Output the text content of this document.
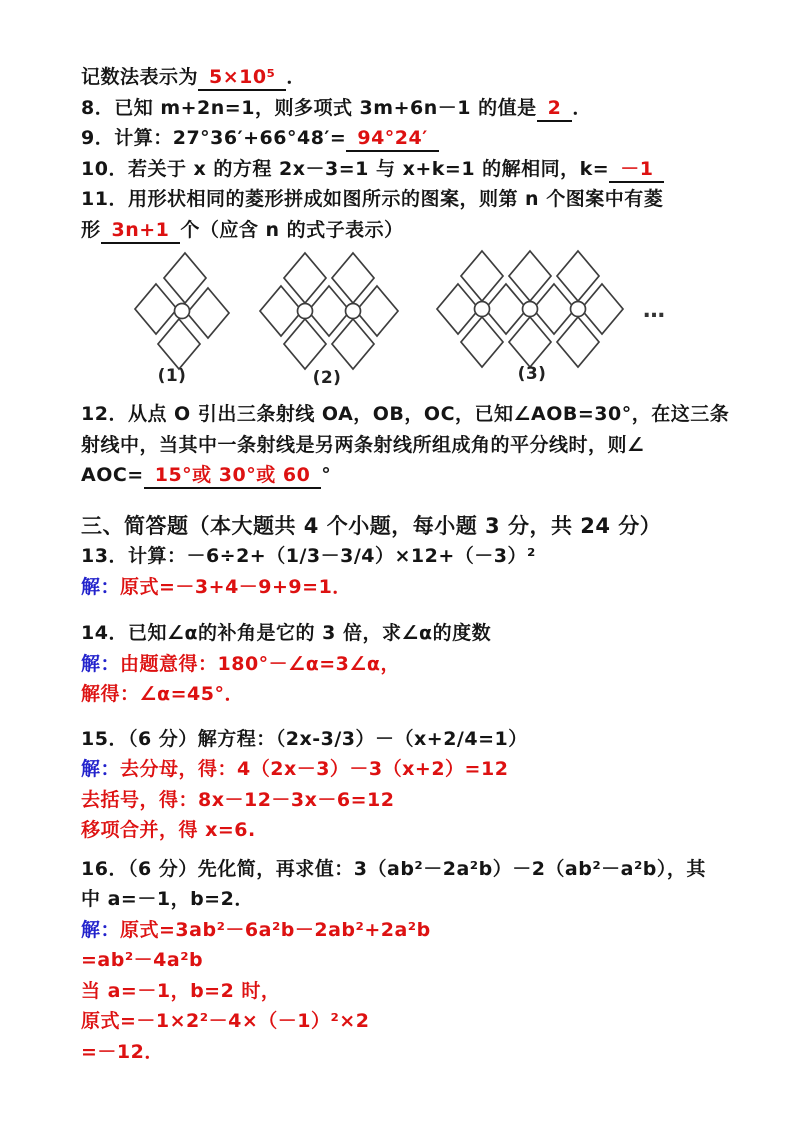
记数法表示为 5×10⁵ ．

8．已知 m+2n=1，则多项式 3m+6n－1 的值是 2 ．

9．计算：27°36′+66°48′= 94°24′

10．若关于 x 的方程 2x－3=1 与 x+k=1 的解相同，k= －1

11．用形状相同的菱形拼成如图所示的图案，则第 n 个图案中有菱

形 3n+1 个（应含 n 的式子表示）

…
(1)	(2)	(3)

12．从点 O 引出三条射线 OA，OB，OC，已知∠AOB=30°，在这三条

射线中，当其中一条射线是另两条射线所组成角的平分线时，则∠

AOC= 15°或 30°或 60 °

三、简答题（本大题共 4 个小题，每小题 3 分，共 24 分）

13．计算：－6÷2+（1/3－3/4）×12+（－3）²

解：原式=－3+4－9+9=1．

14．已知∠α的补角是它的 3 倍，求∠α的度数

解：由题意得：180°－∠α=3∠α，

解得：∠α=45°．

15．（6 分）解方程：（2x-3/3）－（x+2/4=1）

解：去分母，得：4（2x－3）－3（x+2）=12

去括号，得：8x－12－3x－6=12

移项合并，得 x=6.

16．（6 分）先化简，再求值：3（ab²－2a²b）－2（ab²－a²b），其

中 a=－1，b=2．

解：原式=3ab²－6a²b－2ab²+2a²b

=ab²－4a²b

当 a=－1，b=2 时，

原式=－1×2²－4×（－1）²×2

=－12．
